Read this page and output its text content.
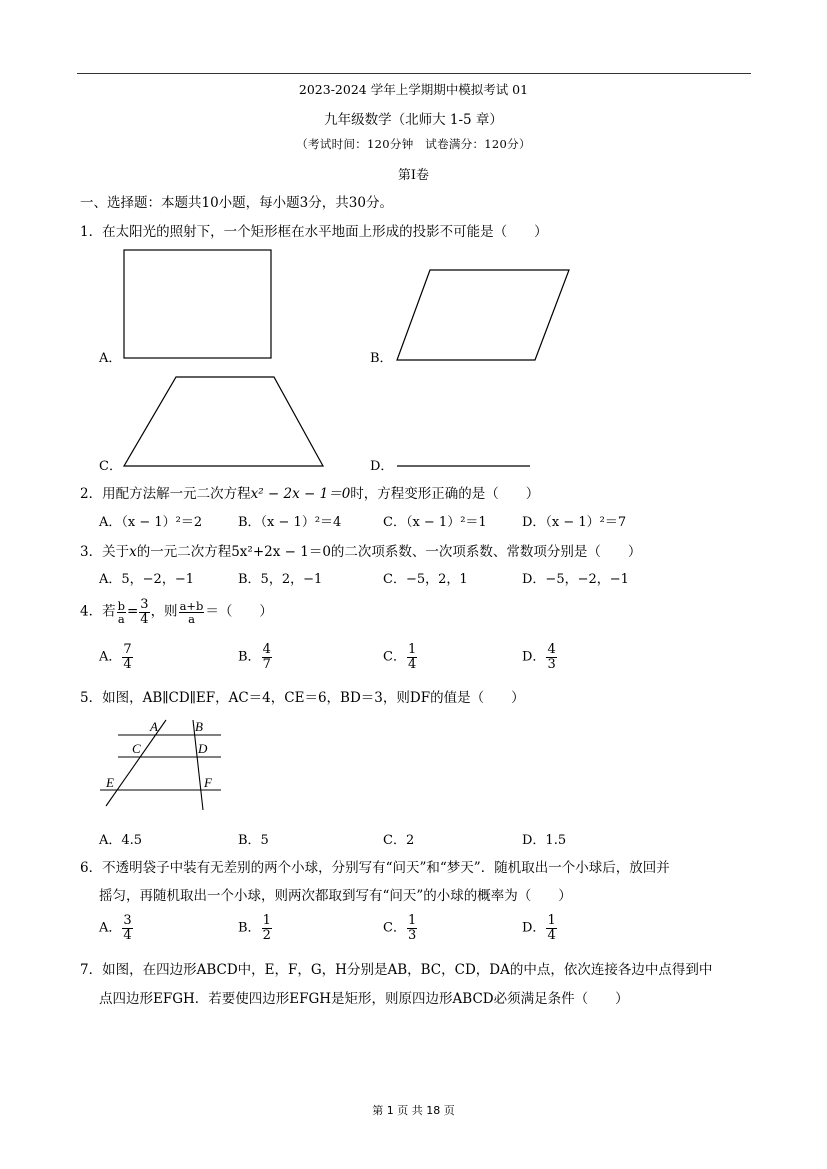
2023-2024 学年上学期期中模拟考试 01
九年级数学（北师大 1-5 章）
（考试时间：120分钟　试卷满分：120分）
第Ⅰ卷
一、选择题：本题共10小题，每小题3分，共30分。
1．在太阳光的照射下，一个矩形框在水平地面上形成的投影不可能是（　　）
A．	B．
C．	D．
2．用配方法解一元二次方程x² − 2x − 1＝0时，方程变形正确的是（　　）
A．（x − 1）²＝2	B．（x − 1）²＝4	C．（x − 1）²＝1	D．（x − 1）²＝7
3．关于x的一元二次方程5x²+2x − 1＝0的二次项系数、一次项系数、常数项分别是（　　）
A．5，−2，−1	B．5，2，−1	C．−5，2，1	D．−5，−2，−1
4．若 $\frac{b}{a} = \frac{3}{4}$ ，则 $\frac{a+b}{a}$ ＝（　　）
A． $\frac{7}{4}$	B． $\frac{4}{7}$	C． $\frac{1}{4}$	D． $\frac{4}{3}$
5．如图，AB∥CD∥EF，AC＝4，CE＝6，BD＝3，则DF的值是（　　）
A	B
C	D
E	F
A．4.5	B．5	C．2	D．1.5
6．不透明袋子中装有无差别的两个小球，分别写有“问天”和“梦天”．随机取出一个小球后，放回并
摇匀，再随机取出一个小球，则两次都取到写有“问天”的小球的概率为（　　）
A． $\frac{3}{4}$	B． $\frac{1}{2}$	C． $\frac{1}{3}$	D． $\frac{1}{4}$
7．如图，在四边形ABCD中，E，F，G，H分别是AB，BC，CD，DA的中点，依次连接各边中点得到中
点四边形EFGH．若要使四边形EFGH是矩形，则原四边形ABCD必须满足条件（　　）
第 1 页 共 18 页
